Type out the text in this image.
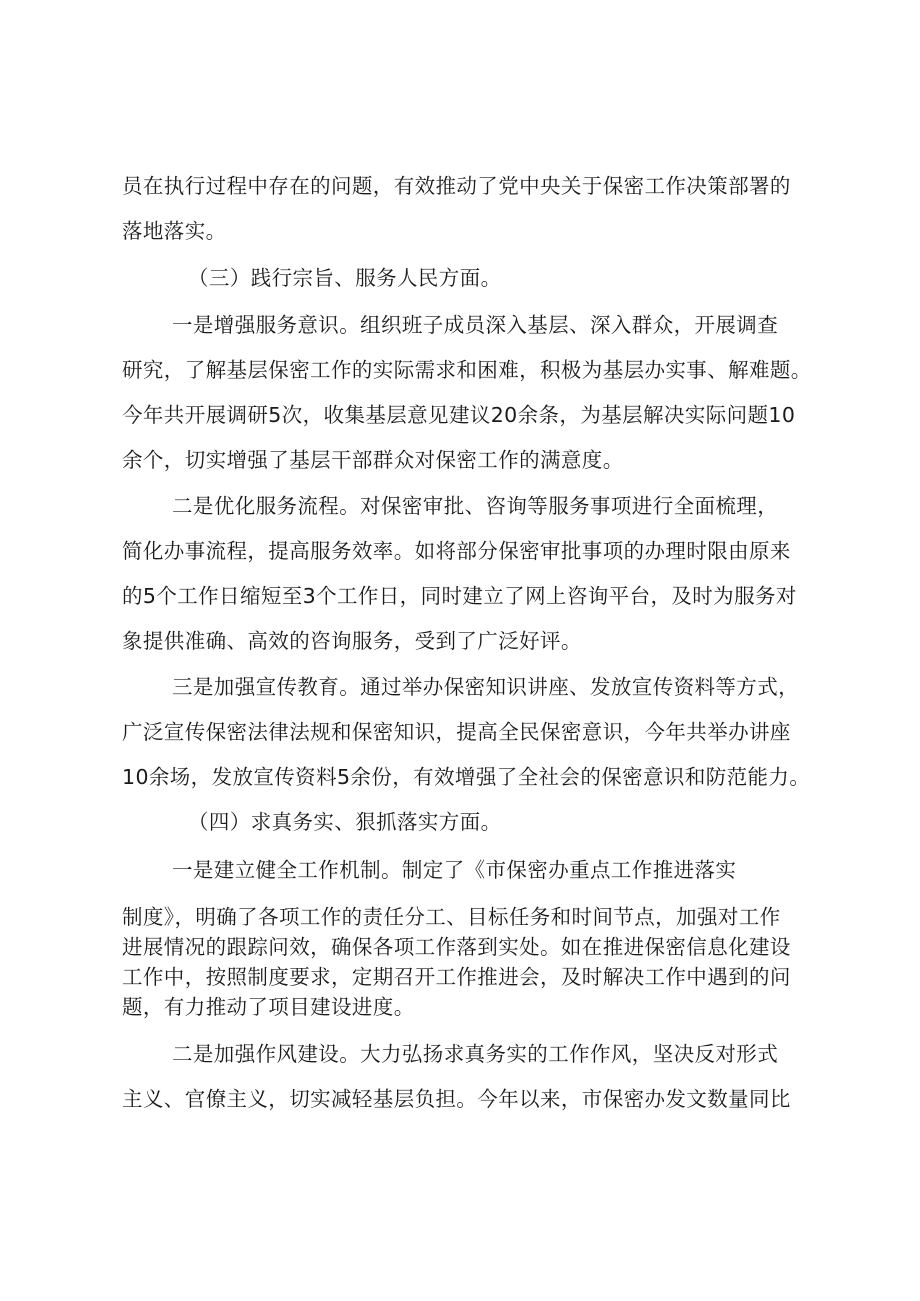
员在执行过程中存在的问题，有效推动了党中央关于保密工作决策部署的
落地落实。
（三）践行宗旨、服务人民方面。
一是增强服务意识。组织班子成员深入基层、深入群众，开展调查
研究，了解基层保密工作的实际需求和困难，积极为基层办实事、解难题。
今年共开展调研5次，收集基层意见建议20余条，为基层解决实际问题10
余个，切实增强了基层干部群众对保密工作的满意度。
二是优化服务流程。对保密审批、咨询等服务事项进行全面梳理，
简化办事流程，提高服务效率。如将部分保密审批事项的办理时限由原来
的5个工作日缩短至3个工作日，同时建立了网上咨询平台，及时为服务对
象提供准确、高效的咨询服务，受到了广泛好评。
三是加强宣传教育。通过举办保密知识讲座、发放宣传资料等方式，
广泛宣传保密法律法规和保密知识，提高全民保密意识，今年共举办讲座
10余场，发放宣传资料5余份，有效增强了全社会的保密意识和防范能力。
（四）求真务实、狠抓落实方面。
一是建立健全工作机制。制定了《市保密办重点工作推进落实
制度》，明确了各项工作的责任分工、目标任务和时间节点，加强对工作
进展情况的跟踪问效，确保各项工作落到实处。如在推进保密信息化建设
工作中，按照制度要求，定期召开工作推进会，及时解决工作中遇到的问
题，有力推动了项目建设进度。
二是加强作风建设。大力弘扬求真务实的工作作风，坚决反对形式
主义、官僚主义，切实减轻基层负担。今年以来，市保密办发文数量同比
